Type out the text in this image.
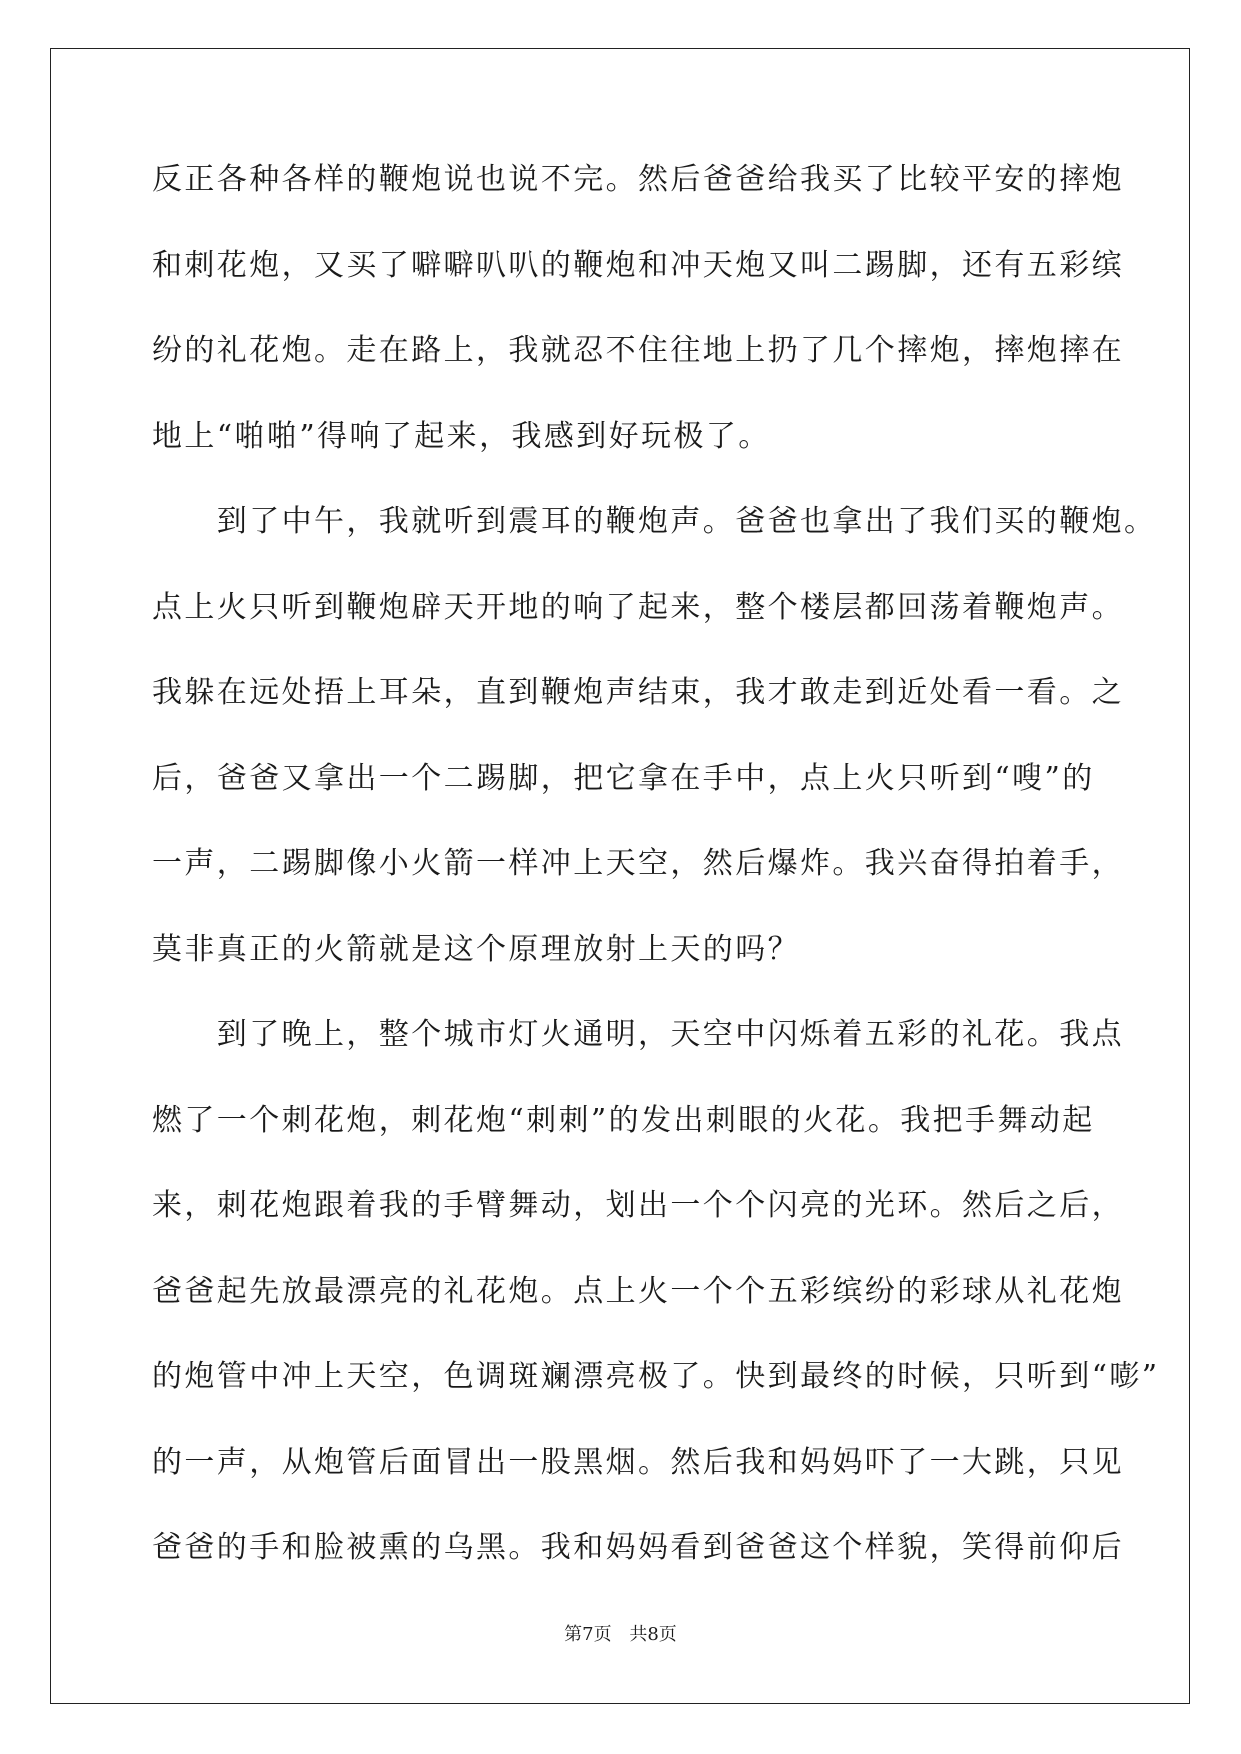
反正各种各样的鞭炮说也说不完。然后爸爸给我买了比较平安的摔炮
和刺花炮，又买了噼噼叭叭的鞭炮和冲天炮又叫二踢脚，还有五彩缤
纷的礼花炮。走在路上，我就忍不住往地上扔了几个摔炮，摔炮摔在
地上“啪啪”得响了起来，我感到好玩极了。
　　到了中午，我就听到震耳的鞭炮声。爸爸也拿出了我们买的鞭炮。
点上火只听到鞭炮辟天开地的响了起来，整个楼层都回荡着鞭炮声。
我躲在远处捂上耳朵，直到鞭炮声结束，我才敢走到近处看一看。之
后，爸爸又拿出一个二踢脚，把它拿在手中，点上火只听到“嗖”的
一声，二踢脚像小火箭一样冲上天空，然后爆炸。我兴奋得拍着手，
莫非真正的火箭就是这个原理放射上天的吗？
　　到了晚上，整个城市灯火通明，天空中闪烁着五彩的礼花。我点
燃了一个刺花炮，刺花炮“刺刺”的发出刺眼的火花。我把手舞动起
来，刺花炮跟着我的手臂舞动，划出一个个闪亮的光环。然后之后，
爸爸起先放最漂亮的礼花炮。点上火一个个五彩缤纷的彩球从礼花炮
的炮管中冲上天空，色调斑斓漂亮极了。快到最终的时候，只听到“嘭”
的一声，从炮管后面冒出一股黑烟。然后我和妈妈吓了一大跳，只见
爸爸的手和脸被熏的乌黑。我和妈妈看到爸爸这个样貌，笑得前仰后
第7页 共8页
